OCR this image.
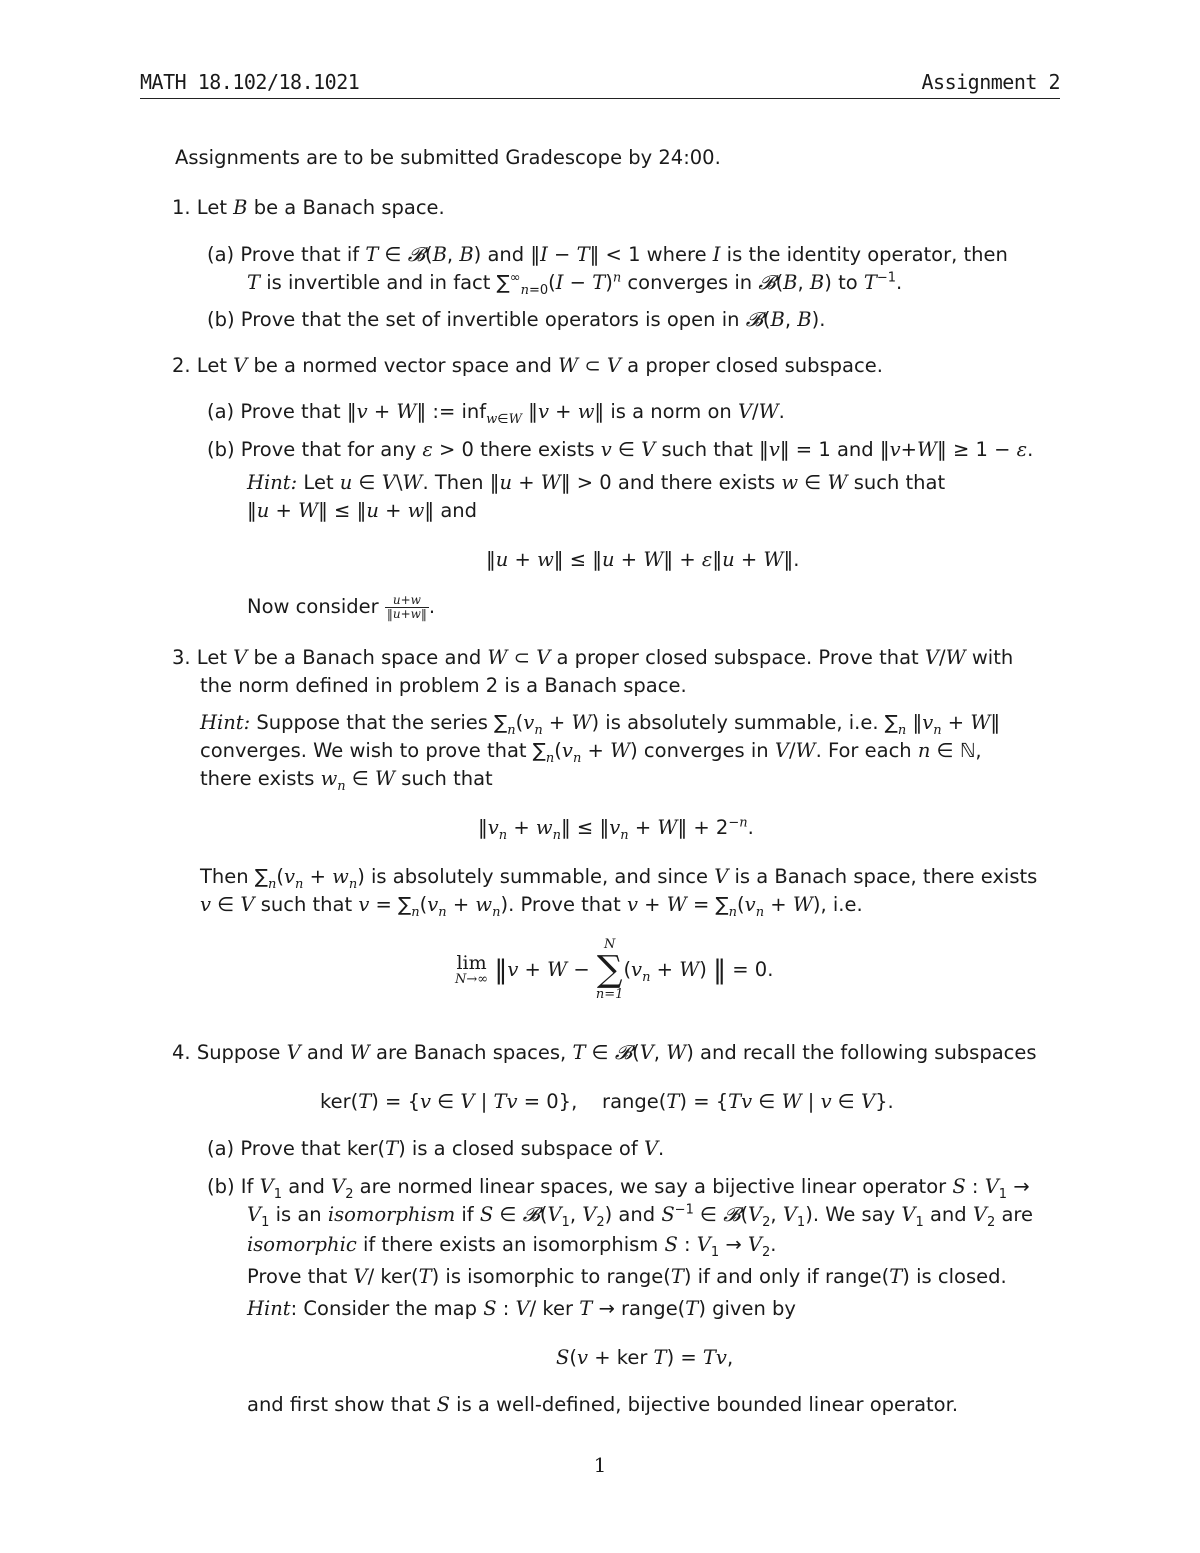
MATH 18.102/18.1021	Assignment 2
Assignments are to be submitted Gradescope by 24:00.
1. Let B be a Banach space.
(a) Prove that if T ∈ 𝓑(B, B) and ‖I − T‖ < 1 where I is the identity operator, then
T is invertible and in fact $\sum^\infty_{n=0}(I - T)^n$ converges in 𝓑(B, B) to $T^{-1}$.
(b) Prove that the set of invertible operators is open in 𝓑(B, B).
2. Let V be a normed vector space and W ⊂ V a proper closed subspace.
(a) Prove that ‖v + W‖ := inf$_{w\in W}$ ‖v + w‖ is a norm on V/W.
(b) Prove that for any ε > 0 there exists v ∈ V such that ‖v‖ = 1 and ‖v+W‖ ≥ 1 − ε.
Hint: Let u ∈ V\W. Then ‖u + W‖ > 0 and there exists w ∈ W such that
‖u + W‖ ≤ ‖u + w‖ and
‖u + w‖ ≤ ‖u + W‖ + ε‖u + W‖.
Now consider $\frac{u+w}{‖u+w‖}$ .
3. Let V be a Banach space and W ⊂ V a proper closed subspace. Prove that V/W with
the norm defined in problem 2 is a Banach space.
Hint: Suppose that the series $\sum_n(v_n + W)$ is absolutely summable, i.e. $\sum_n$ $‖v_n$ + W‖
converges. We wish to prove that $\sum_n(v_n + W)$ converges in V/W. For each n ∈ ℕ,
there exists $w_n$ ∈ W such that
$‖v_n$ + $w_n‖$ ≤ $‖v_n$ + W‖ + $2^{-n}$.
Then $\sum_n(v_n + w_n)$ is absolutely summable, and since V is a Banach space, there exists
v ∈ V such that $v = \sum_n(v_n + w_n)$. Prove that $v + W = \sum_n(v_n + W)$, i.e.
lim
N→∞ ‖v + W −
N
∑
n=1
$(v_n + W)$ ‖ = 0.
4. Suppose V and W are Banach spaces, T ∈ 𝓑(V, W) and recall the following subspaces
ker(T) = {v ∈ V | Tv = 0},    range(T) = {Tv ∈ W | v ∈ V}.
(a) Prove that ker(T) is a closed subspace of V.
(b) If $V_1$ and $V_2$ are normed linear spaces, we say a bijective linear operator S : $V_1$ →
$V_1$ is an isomorphism if S ∈ $𝓑(V_1$, $V_2$) and $S^{-1}$ ∈ $𝓑(V_2$, $V_1$). We say $V_1$ and $V_2$ are
isomorphic if there exists an isomorphism S : $V_1 \to V_2$.
Prove that V/ ker(T) is isomorphic to range(T) if and only if range(T) is closed.
Hint: Consider the map S : V/ ker T → range(T) given by
S(v + ker T) = Tv,
and first show that S is a well-defined, bijective bounded linear operator.
1
